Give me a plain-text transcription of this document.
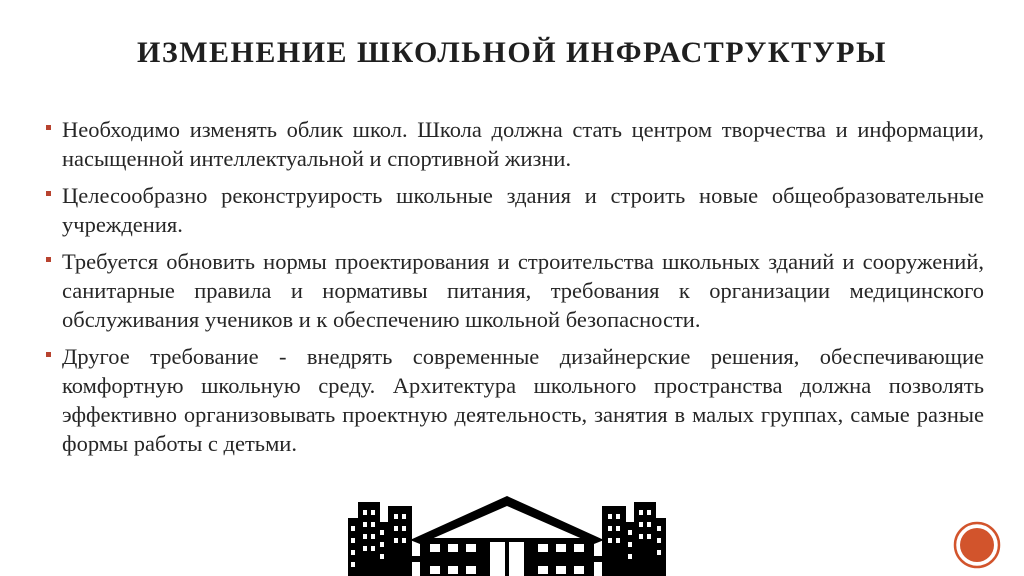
ИЗМЕНЕНИЕ ШКОЛЬНОЙ ИНФРАСТРУКТУРЫ
Необходимо изменять облик школ. Школа должна стать центром творчества и информации, насыщенной интеллектуальной и спортивной жизни.
Целесообразно реконструироcть школьные здания и строить новые общеобразовательные учреждения.
Требуется обновить нормы проектирования и строительства школьных зданий и сооружений, санитарные правила и нормативы питания, требования к организации медицинского обслуживания учеников и к обеспечению школьной безопасности.
Другое требование - внедрять современные дизайнерские решения, обеспечивающие комфортную школьную среду. Архитектура школьного пространства должна позволять эффективно организовывать проектную деятельность, занятия в малых группах, самые разные формы работы с детьми.
